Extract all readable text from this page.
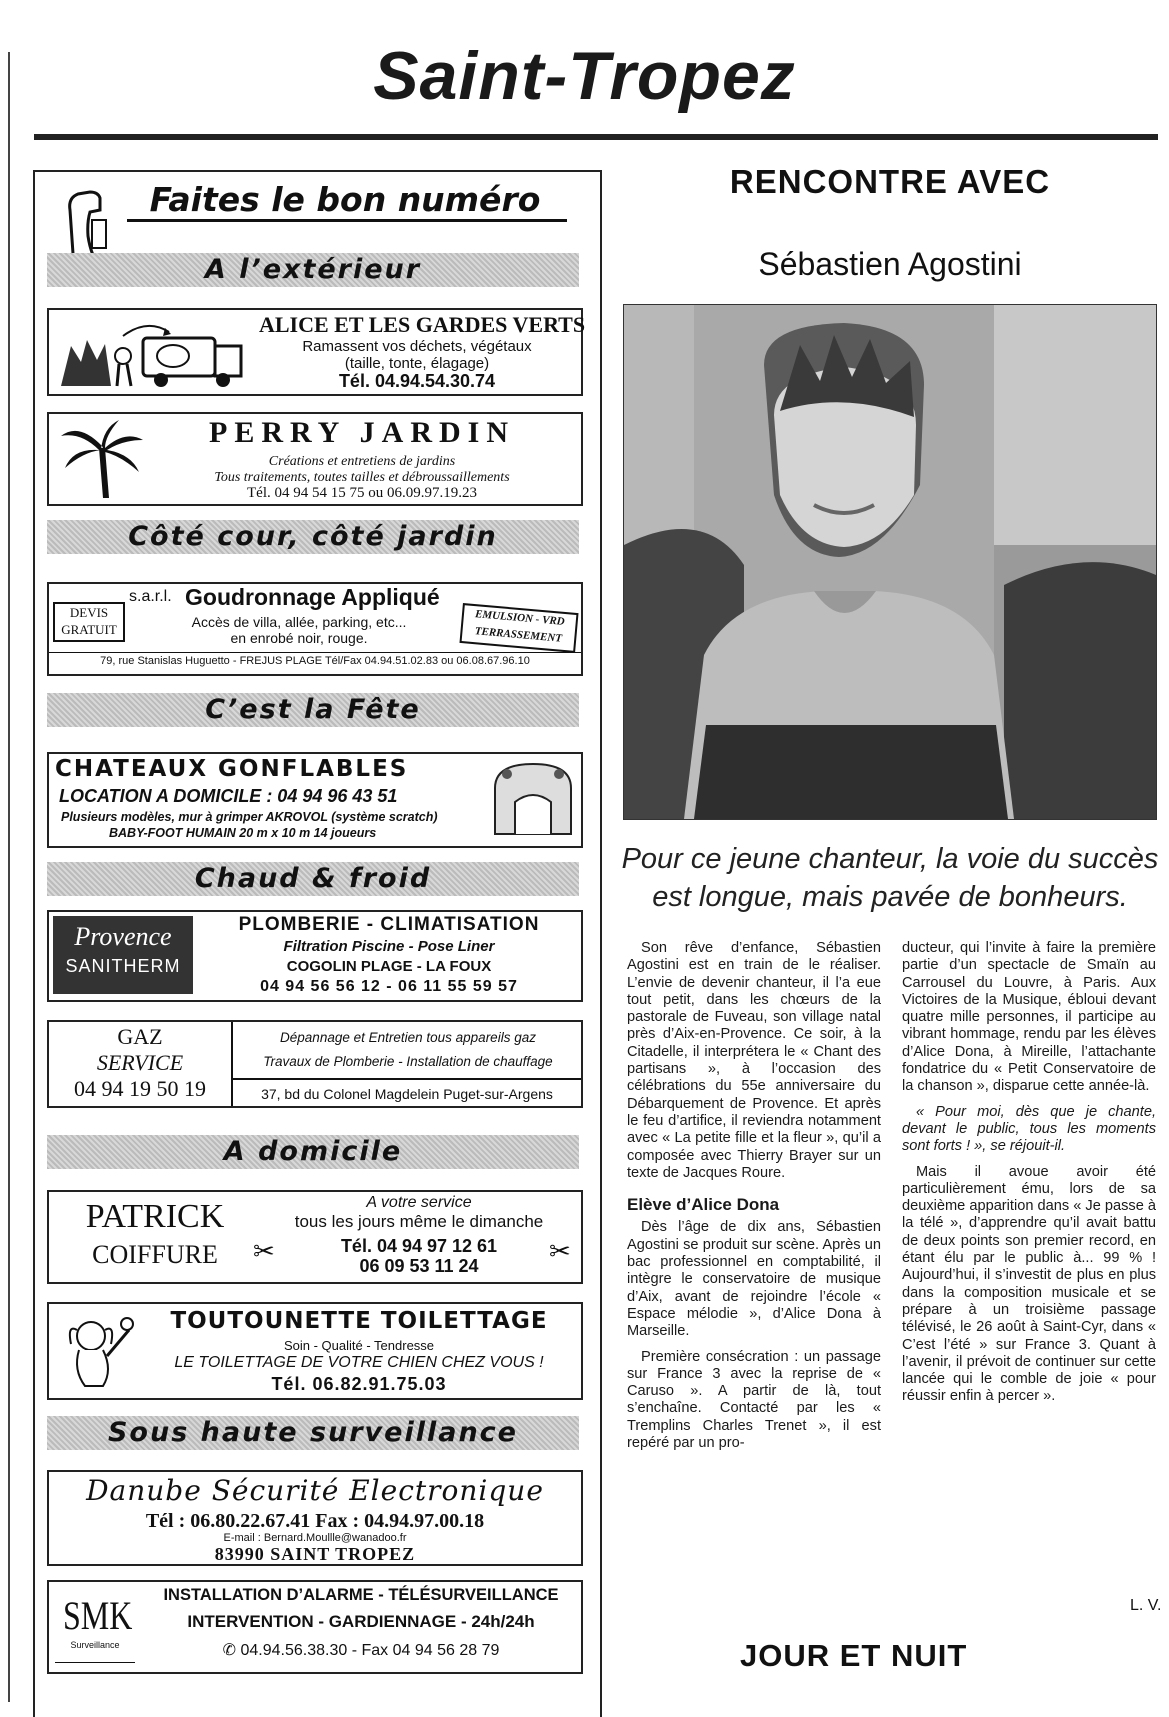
Saint-Tropez
Faites le bon numéro
A l’extérieur
ALICE ET LES GARDES VERTS
Ramassent vos déchets, végétaux
(taille, tonte, élagage)
Tél. 04.94.54.30.74
PERRY JARDIN
Créations et entretiens de jardins
Tous traitements, toutes tailles et débroussaillements
Tél. 04 94 54 15 75 ou 06.09.97.19.23
Côté cour, côté jardin
DEVIS
GRATUIT
s.a.r.l. Goudronnage Appliqué
Accès de villa, allée, parking, etc...
en enrobé noir, rouge.
EMULSION - VRD
TERRASSEMENT
79, rue Stanislas Huguetto - FREJUS PLAGE Tél/Fax 04.94.51.02.83 ou 06.08.67.96.10
C’est la Fête
CHATEAUX GONFLABLES
LOCATION A DOMICILE : 04 94 96 43 51
Plusieurs modèles, mur à grimper AKROVOL (système scratch)
BABY-FOOT HUMAIN 20 m x 10 m 14 joueurs
Chaud & froid
Provence
SANITHERM
PLOMBERIE - CLIMATISATION
Filtration Piscine - Pose Liner
COGOLIN PLAGE - LA FOUX
04 94 56 56 12 - 06 11 55 59 57
GAZ
SERVICE
04 94 19 50 19
Dépannage et Entretien tous appareils gaz
Travaux de Plomberie - Installation de chauffage
37, bd du Colonel Magdelein Puget-sur-Argens
A domicile
PATRICK
COIFFURE
A votre service
tous les jours même le dimanche
Tél. 04 94 97 12 61
06 09 53 11 24
✂	✂
TOUTOUNETTE TOILETTAGE
Soin - Qualité - Tendresse
LE TOILETTAGE DE VOTRE CHIEN CHEZ VOUS !
Tél. 06.82.91.75.03
Sous haute surveillance
Danube Sécurité Electronique
Tél : 06.80.22.67.41 Fax : 04.94.97.00.18
E-mail : Bernard.Moullle@wanadoo.fr
83990 SAINT TROPEZ
SMK
Surveillance
INSTALLATION D’ALARME - TÉLÉSURVEILLANCE
INTERVENTION - GARDIENNAGE - 24h/24h
✆ 04.94.56.38.30 - Fax 04 94 56 28 79
RENCONTRE AVEC
Sébastien Agostini
Pour ce jeune chanteur, la voie du succès
est longue, mais pavée de bonheurs.

Son rêve d’enfance, Sébastien Agostini est en train de le réaliser. L’envie de devenir chanteur, il l’a eue tout petit, dans les chœurs de la pastorale de Fuveau, son village natal près d’Aix-en-Provence. Ce soir, à la Citadelle, il interprétera le « Chant des partisans », à l’occasion des célébrations du 55e anniversaire du Débarquement de Provence. Et après le feu d’artifice, il reviendra notamment avec « La petite fille et la fleur », qu’il a composée avec Thierry Brayer sur un texte de Jacques Roure.

Elève d’Alice Dona

Dès l’âge de dix ans, Sébastien Agostini se produit sur scène. Après un bac professionnel en comptabilité, il intègre le conservatoire de musique d’Aix, avant de rejoindre l’école « Espace mélodie », d’Alice Dona à Marseille.

Première consécration : un passage sur France 3 avec la reprise de « Caruso ». A partir de là, tout s’enchaîne. Contacté par les « Tremplins Charles Trenet », il est repéré par un pro-

ducteur, qui l’invite à faire la première partie d’un spectacle de Smaïn au Carrousel du Louvre, à Paris. Aux Victoires de la Musique, ébloui devant quatre mille personnes, il participe au vibrant hommage, rendu par les élèves d’Alice Dona, à Mireille, l’attachante fondatrice du « Petit Conservatoire de la chanson », disparue cette année-là.

« Pour moi, dès que je chante, devant le public, tous les moments sont forts ! », se réjouit-il.

Mais il avoue avoir été particulièrement ému, lors de sa deuxième apparition dans « Je passe à la télé », d’apprendre qu’il avait battu de deux points son premier record, en étant élu par le public à... 99 % ! Aujourd’hui, il s’investit de plus en plus dans la composition musicale et se prépare à un troisième passage télévisé, le 26 août à Saint-Cyr, dans « C’est l’été » sur France 3. Quant à l’avenir, il prévoit de continuer sur cette lancée qui le comble de joie « pour réussir enfin à percer ».

L. V.
JOUR ET NUIT
